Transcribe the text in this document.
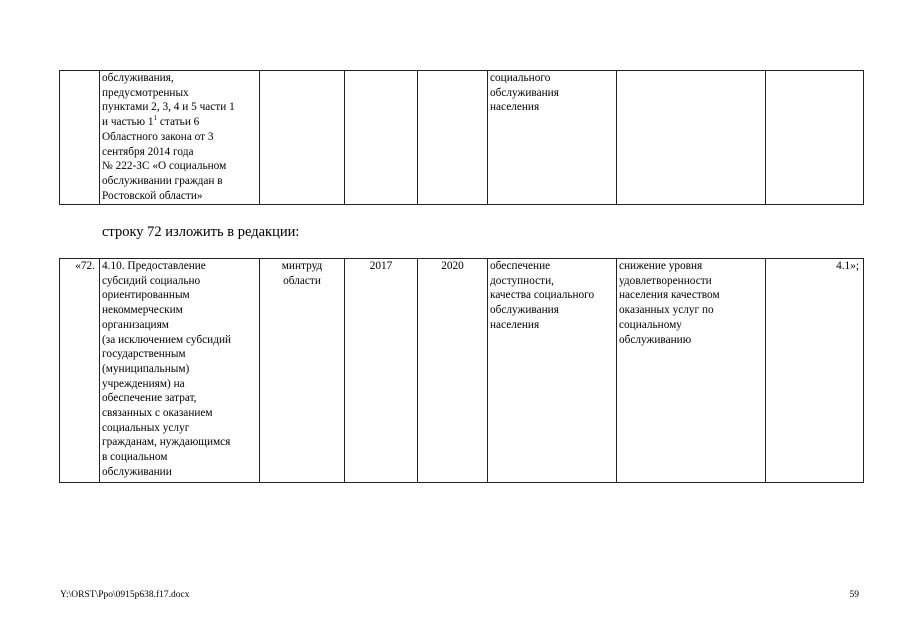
	обслуживания,
предусмотренных
пунктами 2, 3, 4 и 5 части 1
и частью $1^1$ статьи 6
Областного закона от 3
сентября 2014 года
№ 222-ЗС «О социальном
обслуживании граждан в
Ростовской области»				социального
обслуживания
населения		
строку 72 изложить в редакции:
«72.	4.10. Предоставление
субсидий социально
ориентированным
некоммерческим
организациям
(за исключением субсидий
государственным
(муниципальным)
учреждениям) на
обеспечение затрат,
связанных с оказанием
социальных услуг
гражданам, нуждающимся
в социальном
обслуживании	минтруд
области	2017	2020	обеспечение
доступности,
качества социального
обслуживания
населения	снижение уровня
удовлетворенности
населения качеством
оказанных услуг по
социальному
обслуживанию	4.1»;
Y:\ORST\Ppo\0915p638.f17.docx	59
